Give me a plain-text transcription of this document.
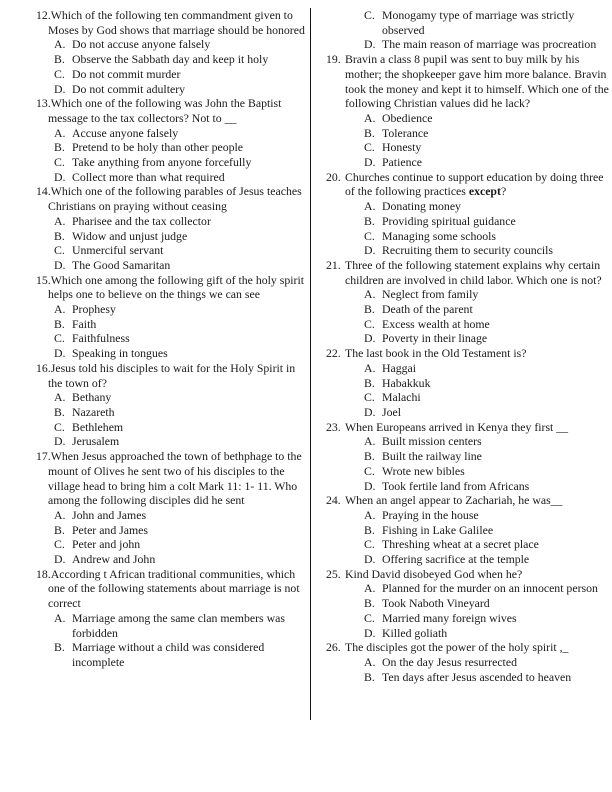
12.Which of the following ten commandment given to Moses by God shows that marriage should be honored
A. Do not accuse anyone falsely
B. Observe the Sabbath day and keep it holy
C. Do not commit murder
D. Do not commit adultery
13.Which one of the following was John the Baptist message to the tax collectors? Not to __
A. Accuse anyone falsely
B. Pretend to be holy than other people
C. Take anything from anyone forcefully
D. Collect more than what required
14.Which one of the following parables of Jesus teaches Christians on praying without ceasing
A. Pharisee and the tax collector
B. Widow and unjust judge
C. Unmerciful servant
D. The Good Samaritan
15.Which one among the following gift of the holy spirit helps one to believe on the things we can see
A. Prophesy
B. Faith
C. Faithfulness
D. Speaking in tongues
16.Jesus told his disciples to wait for the Holy Spirit in the town of?
A. Bethany
B. Nazareth
C. Bethlehem
D. Jerusalem
17.When Jesus approached the town of bethphage to the mount of Olives he sent two of his disciples to the village head to bring him a colt Mark 11: 1- 11. Who among the following disciples did he sent
A. John and James
B. Peter and James
C. Peter and john
D. Andrew and John
18.According t African traditional communities, which one of the following statements about marriage is not correct
A. Marriage among the same clan members was forbidden
B. Marriage without a child was considered incomplete
C. Monogamy type of marriage was strictly observed
D. The main reason of marriage was procreation
19. Bravin a class 8 pupil was sent to buy milk by his mother; the shopkeeper gave him more balance. Bravin took the money and kept it to himself. Which one of the following Christian values did he lack?
A. Obedience
B. Tolerance
C. Honesty
D. Patience
20. Churches continue to support education by doing three of the following practices except?
A. Donating money
B. Providing spiritual guidance
C. Managing some schools
D. Recruiting them to security councils
21. Three of the following statement explains why certain children are involved in child labor. Which one is not?
A. Neglect from family
B. Death of the parent
C. Excess wealth at home
D. Poverty in their linage
22. The last book in the Old Testament is?
A. Haggai
B. Habakkuk
C. Malachi
D. Joel
23. When Europeans arrived in Kenya they first __
A. Built mission centers
B. Built the railway line
C. Wrote new bibles
D. Took fertile land from Africans
24. When an angel appear to Zachariah, he was__
A. Praying in the house
B. Fishing in Lake Galilee
C. Threshing wheat at a secret place
D. Offering sacrifice at the temple
25. Kind David disobeyed God when he?
A. Planned for the murder on an innocent person
B. Took Naboth Vineyard
C. Married many foreign wives
D. Killed goliath
26. The disciples got the power of the holy spirit ,_
A. On the day Jesus resurrected
B. Ten days after Jesus ascended to heaven
